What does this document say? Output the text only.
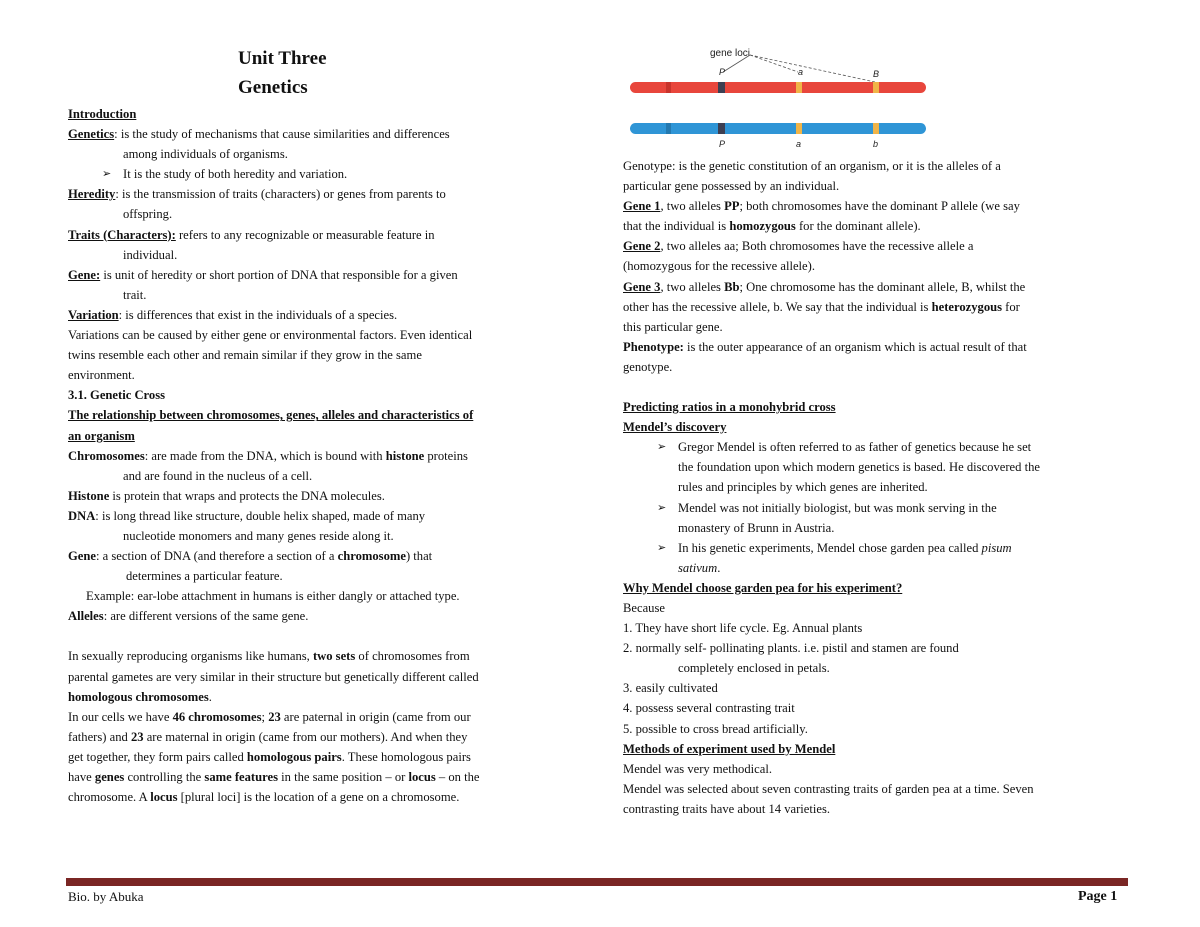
Unit Three
Genetics
Introduction
Genetics: is the study of mechanisms that cause similarities and differences
among individuals of organisms.
➢ It is the study of both heredity and variation.
Heredity: is the transmission of traits (characters) or genes from parents to
offspring.
Traits (Characters): refers to any recognizable or measurable feature in
individual.
Gene: is unit of heredity or short portion of DNA that responsible for a given
trait.
Variation: is differences that exist in the individuals of a species.
Variations can be caused by either gene or environmental factors. Even identical
twins resemble each other and remain similar if they grow in the same
environment.
3.1. Genetic Cross
The relationship between chromosomes, genes, alleles and characteristics of
an organism
Chromosomes: are made from the DNA, which is bound with histone proteins
and are found in the nucleus of a cell.
Histone is protein that wraps and protects the DNA molecules.
DNA: is long thread like structure, double helix shaped, made of many
nucleotide monomers and many genes reside along it.
Gene: a section of DNA (and therefore a section of a chromosome) that
determines a particular feature.
Example: ear-lobe attachment in humans is either dangly or attached type.
Alleles: are different versions of the same gene.
In sexually reproducing organisms like humans, two sets of chromosomes from
parental gametes are very similar in their structure but genetically different called
homologous chromosomes.
In our cells we have 46 chromosomes; 23 are paternal in origin (came from our
fathers) and 23 are maternal in origin (came from our mothers). And when they
get together, they form pairs called homologous pairs. These homologous pairs
have genes controlling the same features in the same position – or locus – on the
chromosome. A locus [plural loci] is the location of a gene on a chromosome.
gene loci
P	a	B
P	a	b
Genotype: is the genetic constitution of an organism, or it is the alleles of a
particular gene possessed by an individual.
Gene 1, two alleles PP; both chromosomes have the dominant P allele (we say
that the individual is homozygous for the dominant allele).
Gene 2, two alleles aa; Both chromosomes have the recessive allele a
(homozygous for the recessive allele).
Gene 3, two alleles Bb; One chromosome has the dominant allele, B, whilst the
other has the recessive allele, b. We say that the individual is heterozygous for
this particular gene.
Phenotype: is the outer appearance of an organism which is actual result of that
genotype.
Predicting ratios in a monohybrid cross
Mendel’s discovery
➢ Gregor Mendel is often referred to as father of genetics because he set
the foundation upon which modern genetics is based. He discovered the
rules and principles by which genes are inherited.
➢ Mendel was not initially biologist, but was monk serving in the
monastery of Brunn in Austria.
➢ In his genetic experiments, Mendel chose garden pea called pisum
sativum.
Why Mendel choose garden pea for his experiment?
Because
1. They have short life cycle. Eg. Annual plants
2. normally self- pollinating plants. i.e. pistil and stamen are found
completely enclosed in petals.
3. easily cultivated
4. possess several contrasting trait
5. possible to cross bread artificially.
Methods of experiment used by Mendel
Mendel was very methodical.
Mendel was selected about seven contrasting traits of garden pea at a time. Seven
contrasting traits have about 14 varieties.
Bio. by Abuka	Page 1
